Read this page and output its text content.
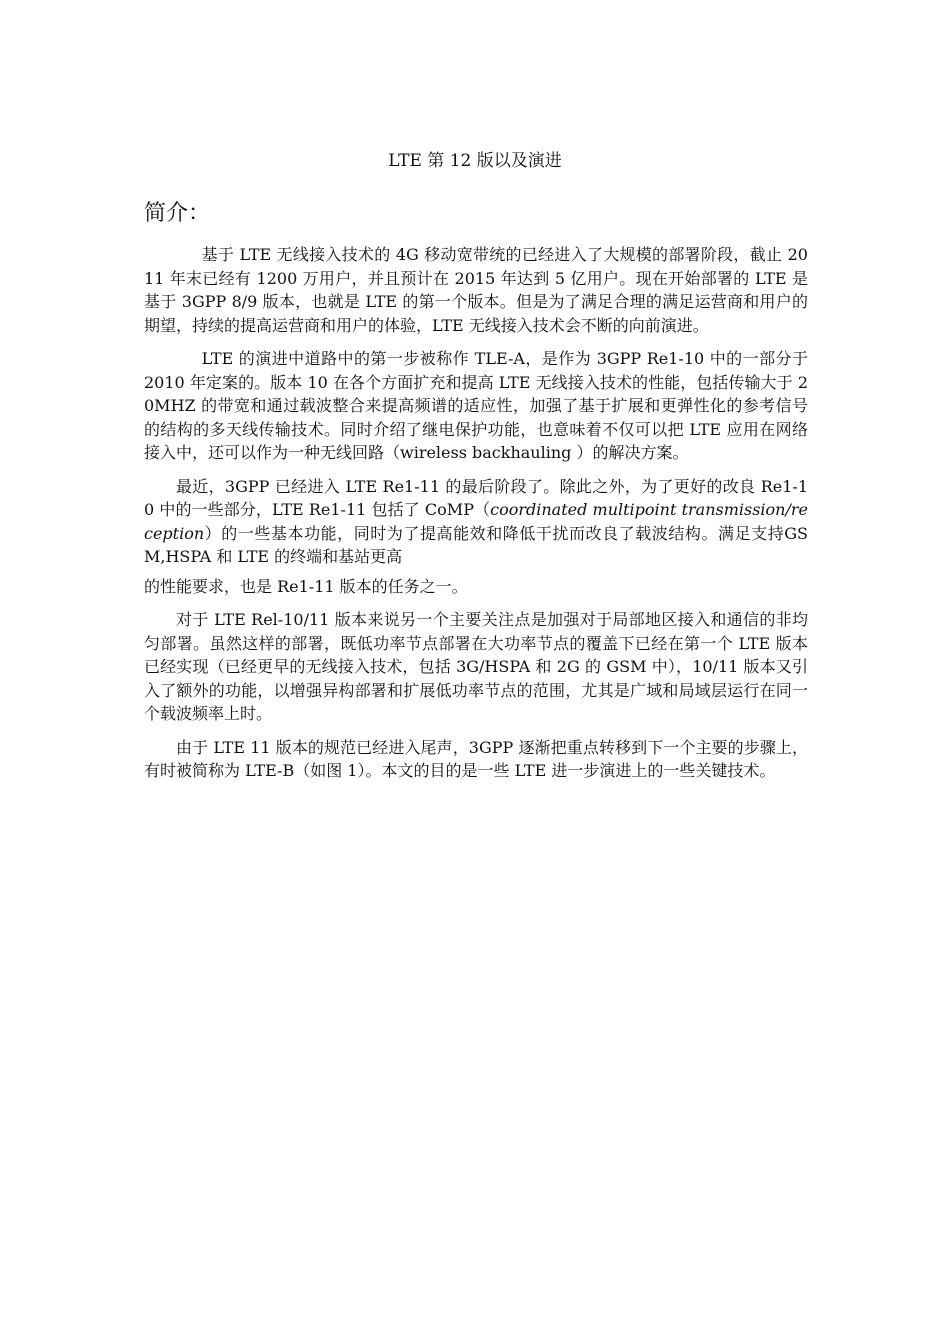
LTE 第 12 版以及演进
简介：

基于 LTE 无线接入技术的 4G 移动宽带统的已经进入了大规模的部署阶段，截止 2011 年末已经有 1200 万用户，并且预计在 2015 年达到 5 亿用户。现在开始部署的 LTE 是基于 3GPP 8/9 版本，也就是 LTE 的第一个版本。但是为了满足合理的满足运营商和用户的期望，持续的提高运营商和用户的体验，LTE 无线接入技术会不断的向前演进。

LTE 的演进中道路中的第一步被称作 TLE-A，是作为 3GPP Re1-10 中的一部分于 2010 年定案的。版本 10 在各个方面扩充和提高 LTE 无线接入技术的性能，包括传输大于 20MHZ 的带宽和通过载波整合来提高频谱的适应性，加强了基于扩展和更弹性化的参考信号的结构的多天线传输技术。同时介绍了继电保护功能，也意味着不仅可以把 LTE 应用在网络接入中，还可以作为一种无线回路（wireless backhauling ）的解决方案。

最近，3GPP 已经进入 LTE Re1-11 的最后阶段了。除此之外，为了更好的改良 Re1-10 中的一些部分，LTE Re1-11 包括了 CoMP（coordinated multipoint transmission/reception）的一些基本功能，同时为了提高能效和降低干扰而改良了载波结构。满足支持GSM,HSPA 和 LTE 的终端和基站更高

的性能要求，也是 Re1-11 版本的任务之一。

对于 LTE Rel-10/11 版本来说另一个主要关注点是加强对于局部地区接入和通信的非均匀部署。虽然这样的部署，既低功率节点部署在大功率节点的覆盖下已经在第一个 LTE 版本已经实现（已经更早的无线接入技术，包括 3G/HSPA 和 2G 的 GSM 中），10/11 版本又引入了额外的功能，以增强异构部署和扩展低功率节点的范围，尤其是广域和局域层运行在同一个载波频率上时。

由于 LTE 11 版本的规范已经进入尾声，3GPP 逐渐把重点转移到下一个主要的步骤上，有时被简称为 LTE-B（如图 1）。本文的目的是一些 LTE 进一步演进上的一些关键技术。
